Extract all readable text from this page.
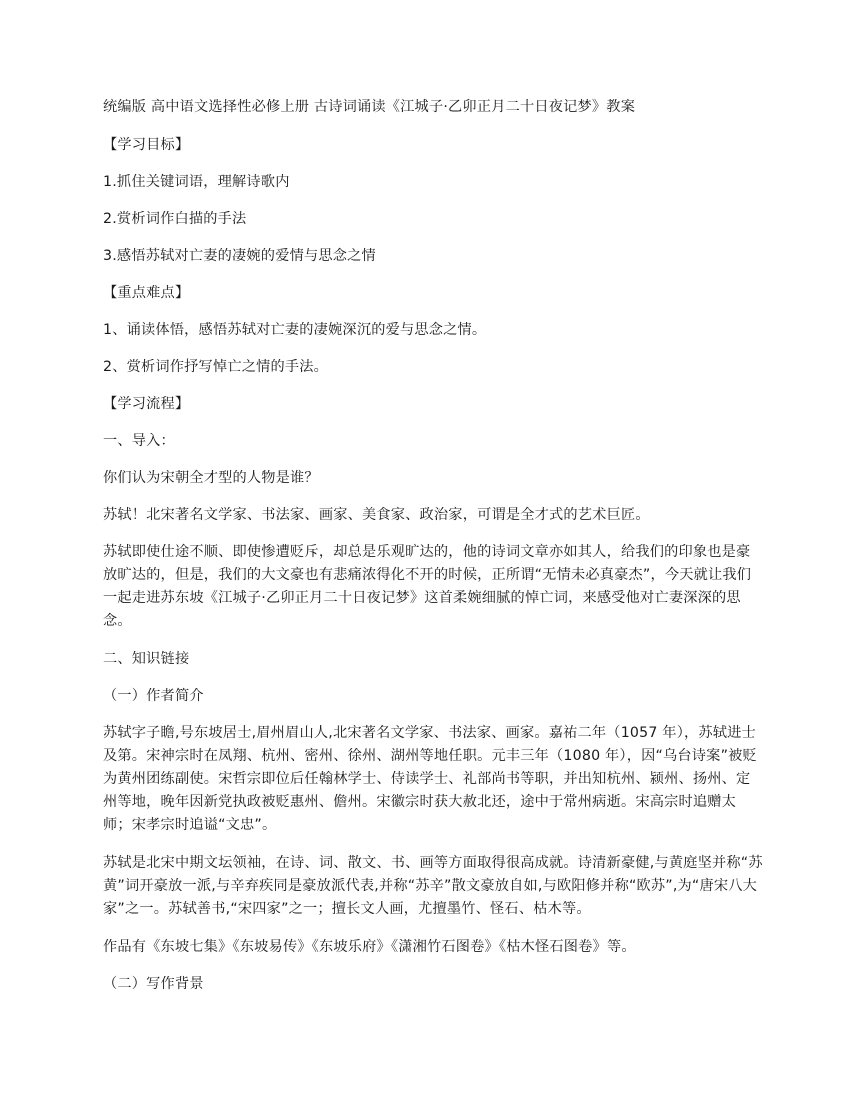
统编版 高中语文选择性必修上册 古诗词诵读《江城子·乙卯正月二十日夜记梦》教案

【学习目标】

1.抓住关键词语，理解诗歌内

2.赏析词作白描的手法

3.感悟苏轼对亡妻的凄婉的爱情与思念之情

【重点难点】

1、诵读体悟，感悟苏轼对亡妻的凄婉深沉的爱与思念之情。

2、赏析词作抒写悼亡之情的手法。

【学习流程】

一、导入：

你们认为宋朝全才型的人物是谁？

苏轼！北宋著名文学家、书法家、画家、美食家、政治家，可谓是全才式的艺术巨匠。

苏轼即使仕途不顺、即使惨遭贬斥，却总是乐观旷达的，他的诗词文章亦如其人，给我们的印象也是豪放旷达的，但是，我们的大文豪也有悲痛浓得化不开的时候，正所谓“无情未必真豪杰”，今天就让我们一起走进苏东坡《江城子·乙卯正月二十日夜记梦》这首柔婉细腻的悼亡词，来感受他对亡妻深深的思念。

二、知识链接

（一）作者简介

苏轼字子瞻,号东坡居士,眉州眉山人,北宋著名文学家、书法家、画家。嘉祐二年（1057 年），苏轼进士及第。宋神宗时在凤翔、杭州、密州、徐州、湖州等地任职。元丰三年（1080 年），因“乌台诗案”被贬为黄州团练副使。宋哲宗即位后任翰林学士、侍读学士、礼部尚书等职，并出知杭州、颍州、扬州、定州等地，晚年因新党执政被贬惠州、儋州。宋徽宗时获大赦北还，途中于常州病逝。宋高宗时追赠太师；宋孝宗时追谥“文忠”。

苏轼是北宋中期文坛领袖，在诗、词、散文、书、画等方面取得很高成就。诗清新豪健,与黄庭坚并称“苏黄”词开豪放一派,与辛弃疾同是豪放派代表,并称“苏辛”散文豪放自如,与欧阳修并称“欧苏”,为“唐宋八大家”之一。苏轼善书,“宋四家”之一；擅长文人画，尤擅墨竹、怪石、枯木等。

作品有《东坡七集》《东坡易传》《东坡乐府》《潇湘竹石图卷》《枯木怪石图卷》等。

（二）写作背景
